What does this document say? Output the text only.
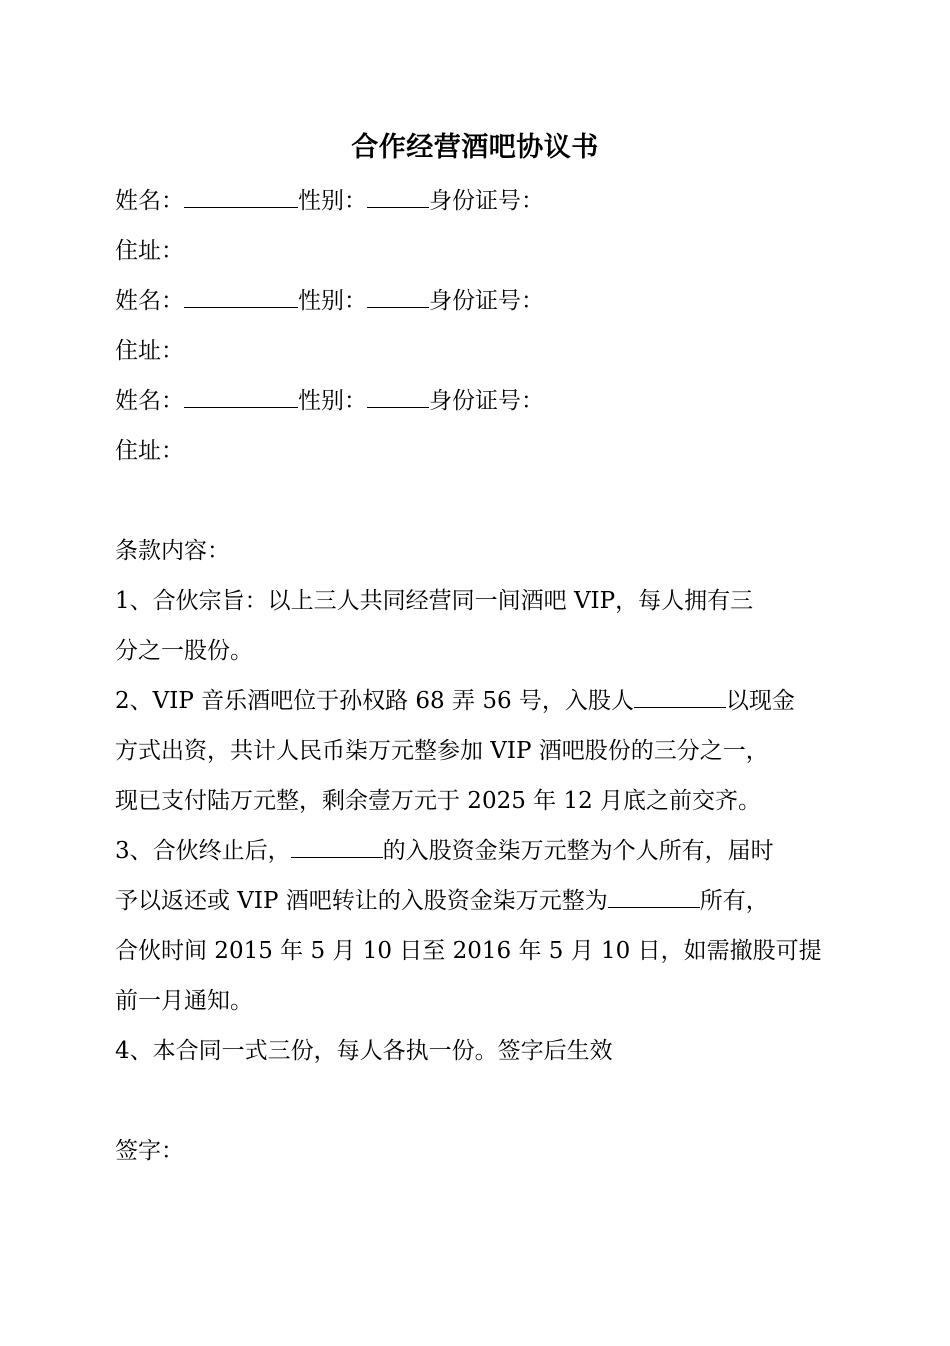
合作经营酒吧协议书
姓名：	性别：	身份证号：
住址：
姓名：	性别：	身份证号：
住址：
姓名：	性别：	身份证号：
住址：
条款内容：
1、合伙宗旨：以上三人共同经营同一间酒吧 VIP，每人拥有三
分之一股份。
2、VIP 音乐酒吧位于孙权路 68 弄 56 号，入股人	以现金
方式出资，共计人民币柒万元整参加 VIP 酒吧股份的三分之一，
现已支付陆万元整，剩余壹万元于 2025 年 12 月底之前交齐。
3、合伙终止后，	的入股资金柒万元整为个人所有，届时
予以返还或 VIP 酒吧转让的入股资金柒万元整为	所有，
合伙时间 2015 年 5 月 10 日至 2016 年 5 月 10 日，如需撤股可提
前一月通知。
4、本合同一式三份，每人各执一份。签字后生效
签字：
